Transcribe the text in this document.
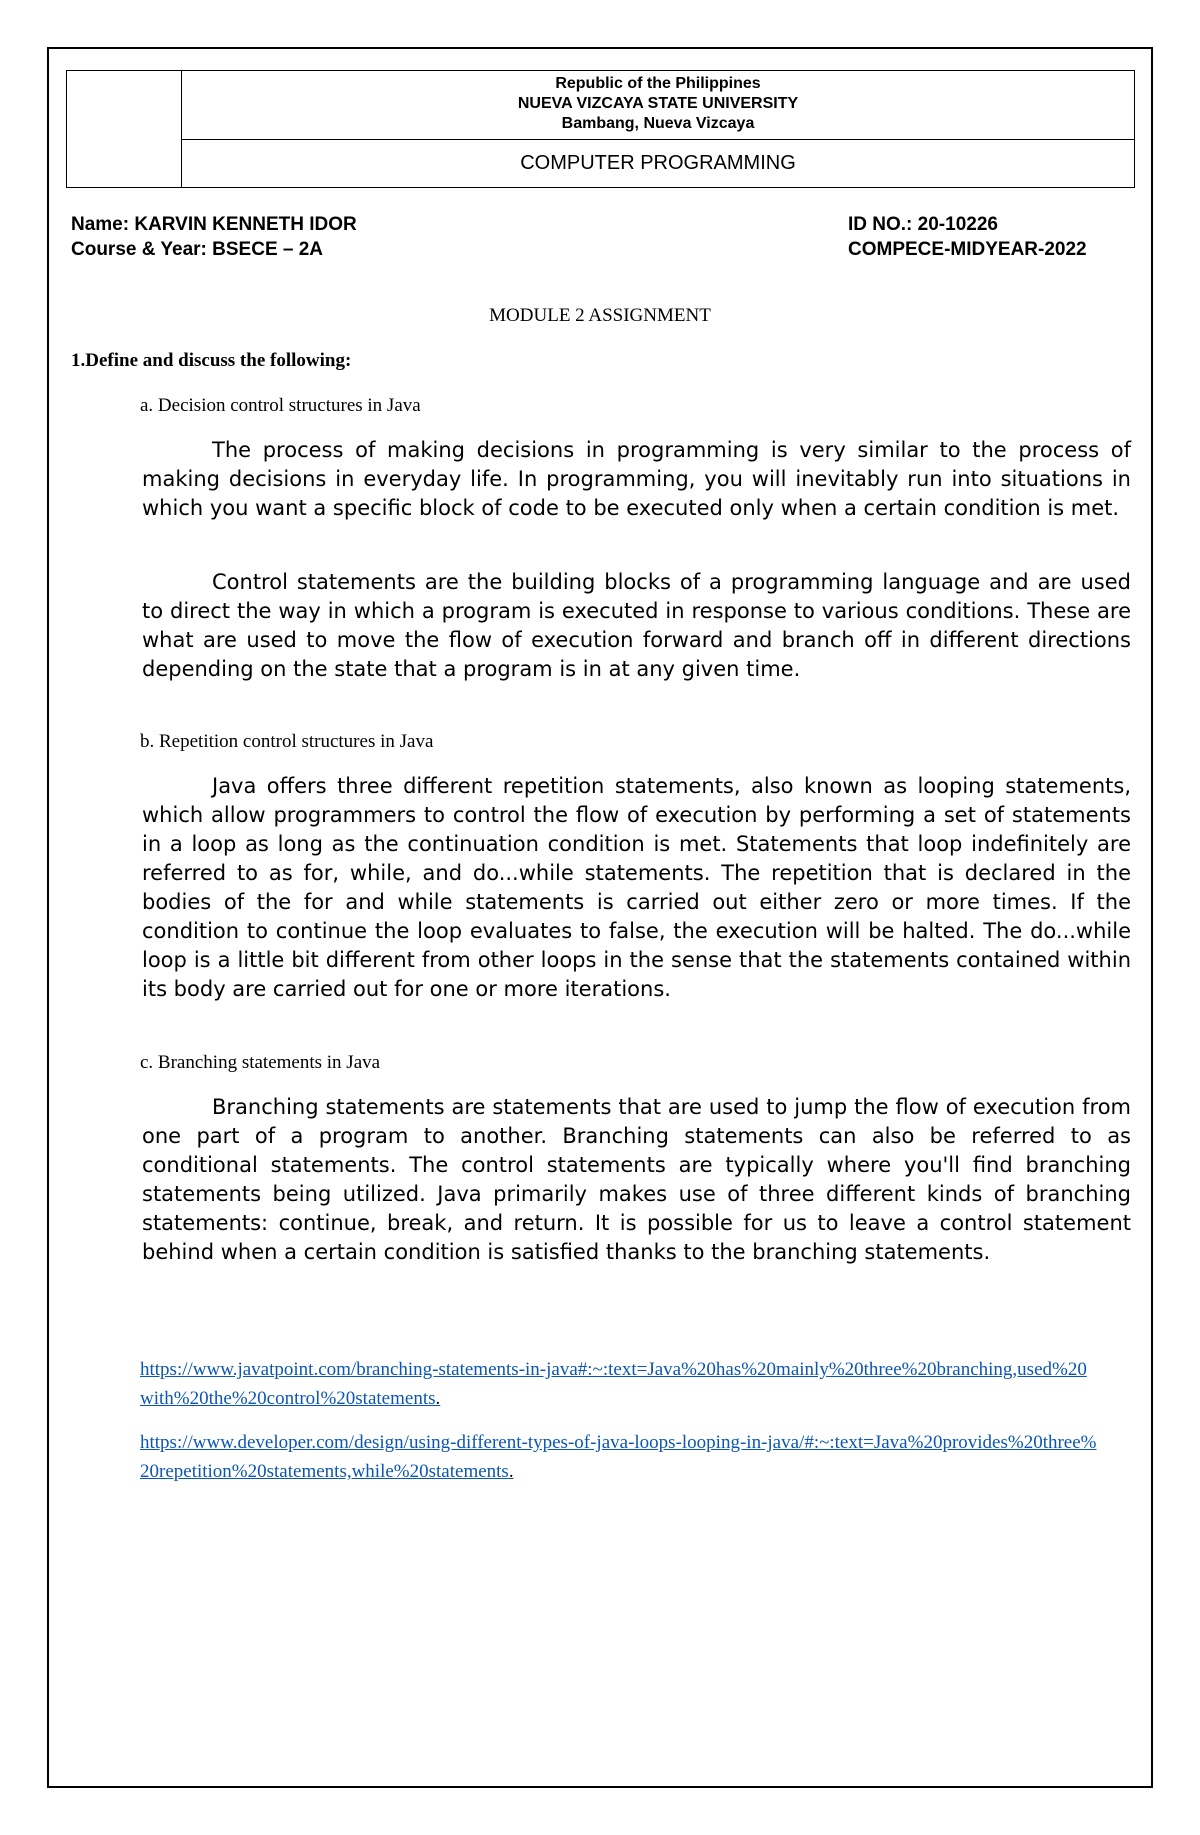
Republic of the Philippines
NUEVA VIZCAYA STATE UNIVERSITY
Bambang, Nueva Vizcaya
COMPUTER PROGRAMMING
Name: KARVIN KENNETH IDOR
Course & Year: BSECE – 2A
ID NO.: 20-10226
COMPECE-MIDYEAR-2022
MODULE 2 ASSIGNMENT
1.Define and discuss the following:
a. Decision control structures in Java

The process of making decisions in programming is very similar to the process of making decisions in everyday life. In programming, you will inevitably run into situations in which you want a specific block of code to be executed only when a certain condition is met.

Control statements are the building blocks of a programming language and are used to direct the way in which a program is executed in response to various conditions. These are what are used to move the flow of execution forward and branch off in different directions depending on the state that a program is in at any given time.

b. Repetition control structures in Java

Java offers three different repetition statements, also known as looping statements, which allow programmers to control the flow of execution by performing a set of statements in a loop as long as the continuation condition is met. Statements that loop indefinitely are referred to as for, while, and do...while statements. The repetition that is declared in the bodies of the for and while statements is carried out either zero or more times. If the condition to continue the loop evaluates to false, the execution will be halted. The do...while loop is a little bit different from other loops in the sense that the statements contained within its body are carried out for one or more iterations.

c. Branching statements in Java

Branching statements are statements that are used to jump the flow of execution from one part of a program to another. Branching statements can also be referred to as conditional statements. The control statements are typically where you'll find branching statements being utilized. Java primarily makes use of three different kinds of branching statements: continue, break, and return. It is possible for us to leave a control statement behind when a certain condition is satisfied thanks to the branching statements.

https://www.javatpoint.com/branching-statements-in-java#:~:text=Java%20has%20mainly%20three%20branching,used%20with%20the%20control%20statements.
https://www.developer.com/design/using-different-types-of-java-loops-looping-in-java/#:~:text=Java%20provides%20three%20repetition%20statements,while%20statements.
